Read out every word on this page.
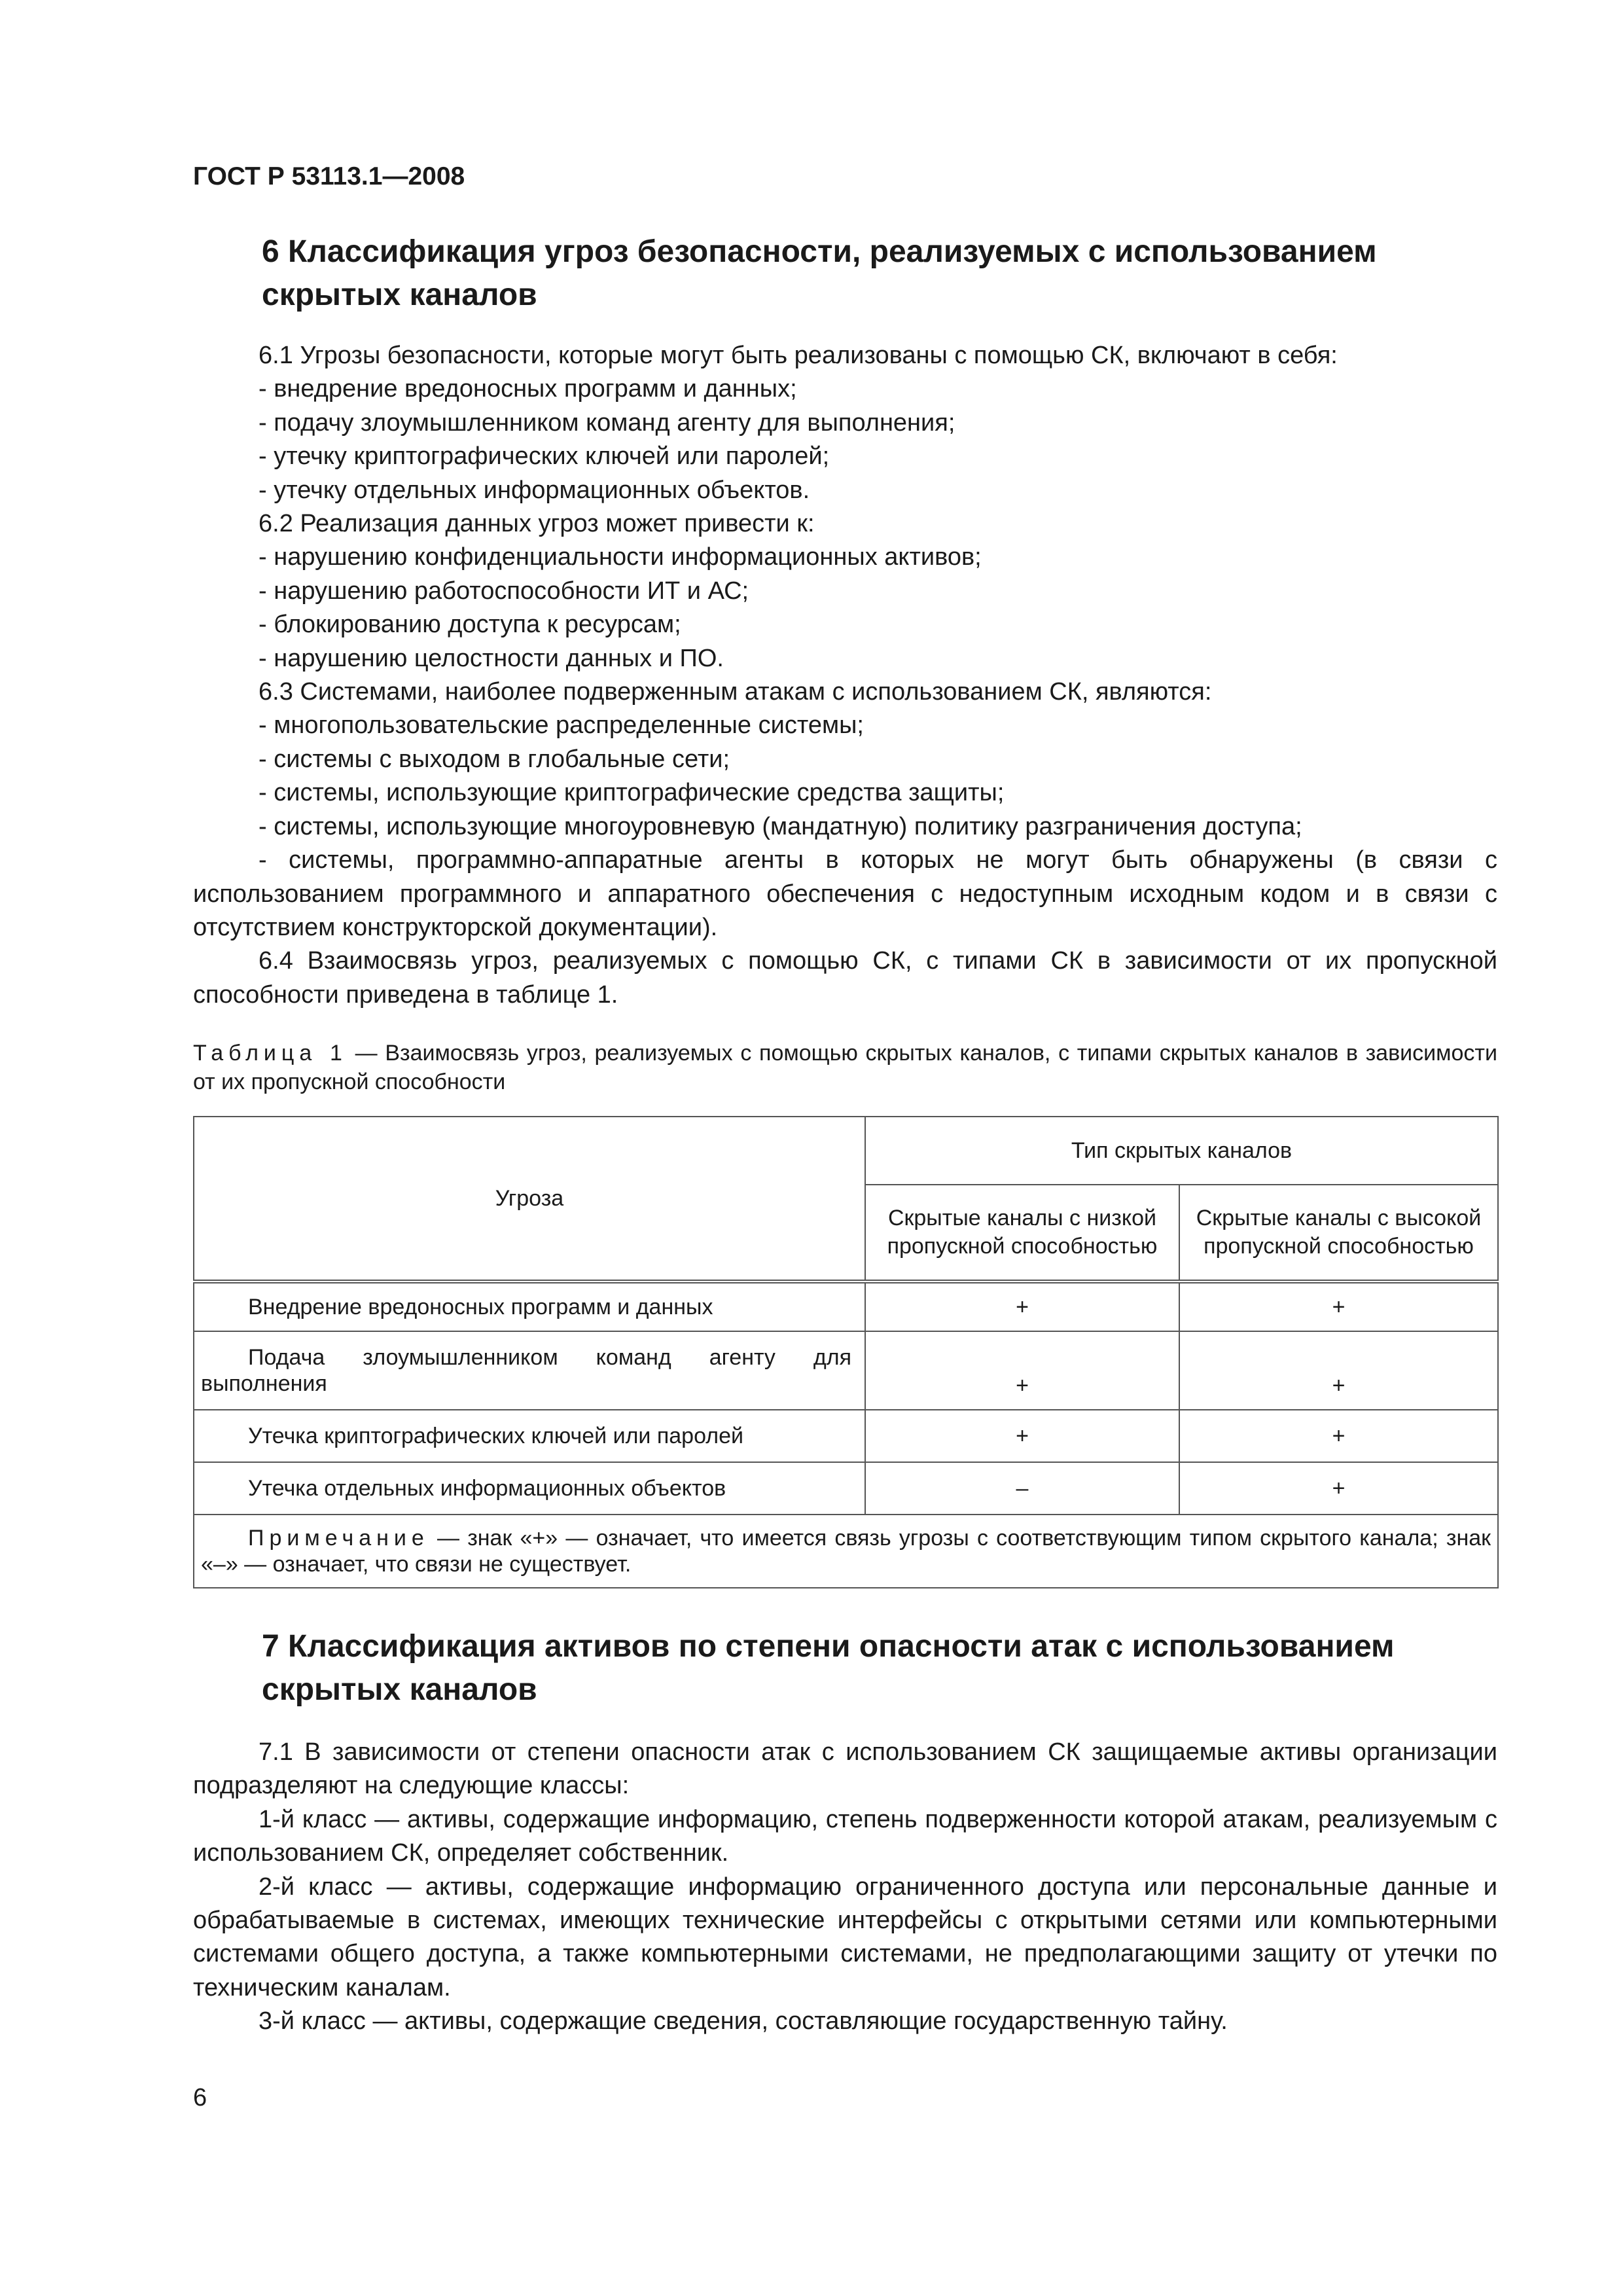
ГОСТ Р 53113.1—2008

6 Классификация угроз безопасности, реализуемых с использованием
скрытых каналов

6.1 Угрозы безопасности, которые могут быть реализованы с помощью СК, включают в себя:

- внедрение вредоносных программ и данных;

- подачу злоумышленником команд агенту для выполнения;

- утечку криптографических ключей или паролей;

- утечку отдельных информационных объектов.

6.2 Реализация данных угроз может привести к:

- нарушению конфиденциальности информационных активов;

- нарушению работоспособности ИТ и АС;

- блокированию доступа к ресурсам;

- нарушению целостности данных и ПО.

6.3 Системами, наиболее подверженным атакам с использованием СК, являются:

- многопользовательские распределенные системы;

- системы с выходом в глобальные сети;

- системы, использующие криптографические средства защиты;

- системы, использующие многоуровневую (мандатную) политику разграничения доступа;

- системы, программно-аппаратные агенты в которых не могут быть обнаружены (в связи с использованием программного и аппаратного обеспечения с недоступным исходным кодом и в связи с отсутствием конструкторской документации).

6.4 Взаимосвязь угроз, реализуемых с помощью СК, с типами СК в зависимости от их пропускной способности приведена в таблице 1.

Таблица 1 — Взаимосвязь угроз, реализуемых с помощью скрытых каналов, с типами скрытых каналов в зависимости от их пропускной способности

Угроза	Тип скрытых каналов	
	Скрытые каналы с низкой пропускной способностью	Скрытые каналы с высокой пропускной способностью
Внедрение вредоносных программ и данных	+	+
Подача злоумышленником команд агенту для выполнения	+	+
Утечка криптографических ключей или паролей	+	+
Утечка отдельных информационных объектов	–	+
Примечание — знак «+» — означает, что имеется связь угрозы с соответствующим типом скрытого канала; знак «–» — означает, что связи не существует.		
7 Классификация активов по степени опасности атак с использованием
скрытых каналов

7.1 В зависимости от степени опасности атак с использованием СК защищаемые активы организации подразделяют на следующие классы:

1-й класс — активы, содержащие информацию, степень подверженности которой атакам, реализуемым с использованием СК, определяет собственник.

2-й класс — активы, содержащие информацию ограниченного доступа или персональные данные и обрабатываемые в системах, имеющих технические интерфейсы с открытыми сетями или компьютерными системами общего доступа, а также компьютерными системами, не предполагающими защиту от утечки по техническим каналам.

3-й класс — активы, содержащие сведения, составляющие государственную тайну.

6
